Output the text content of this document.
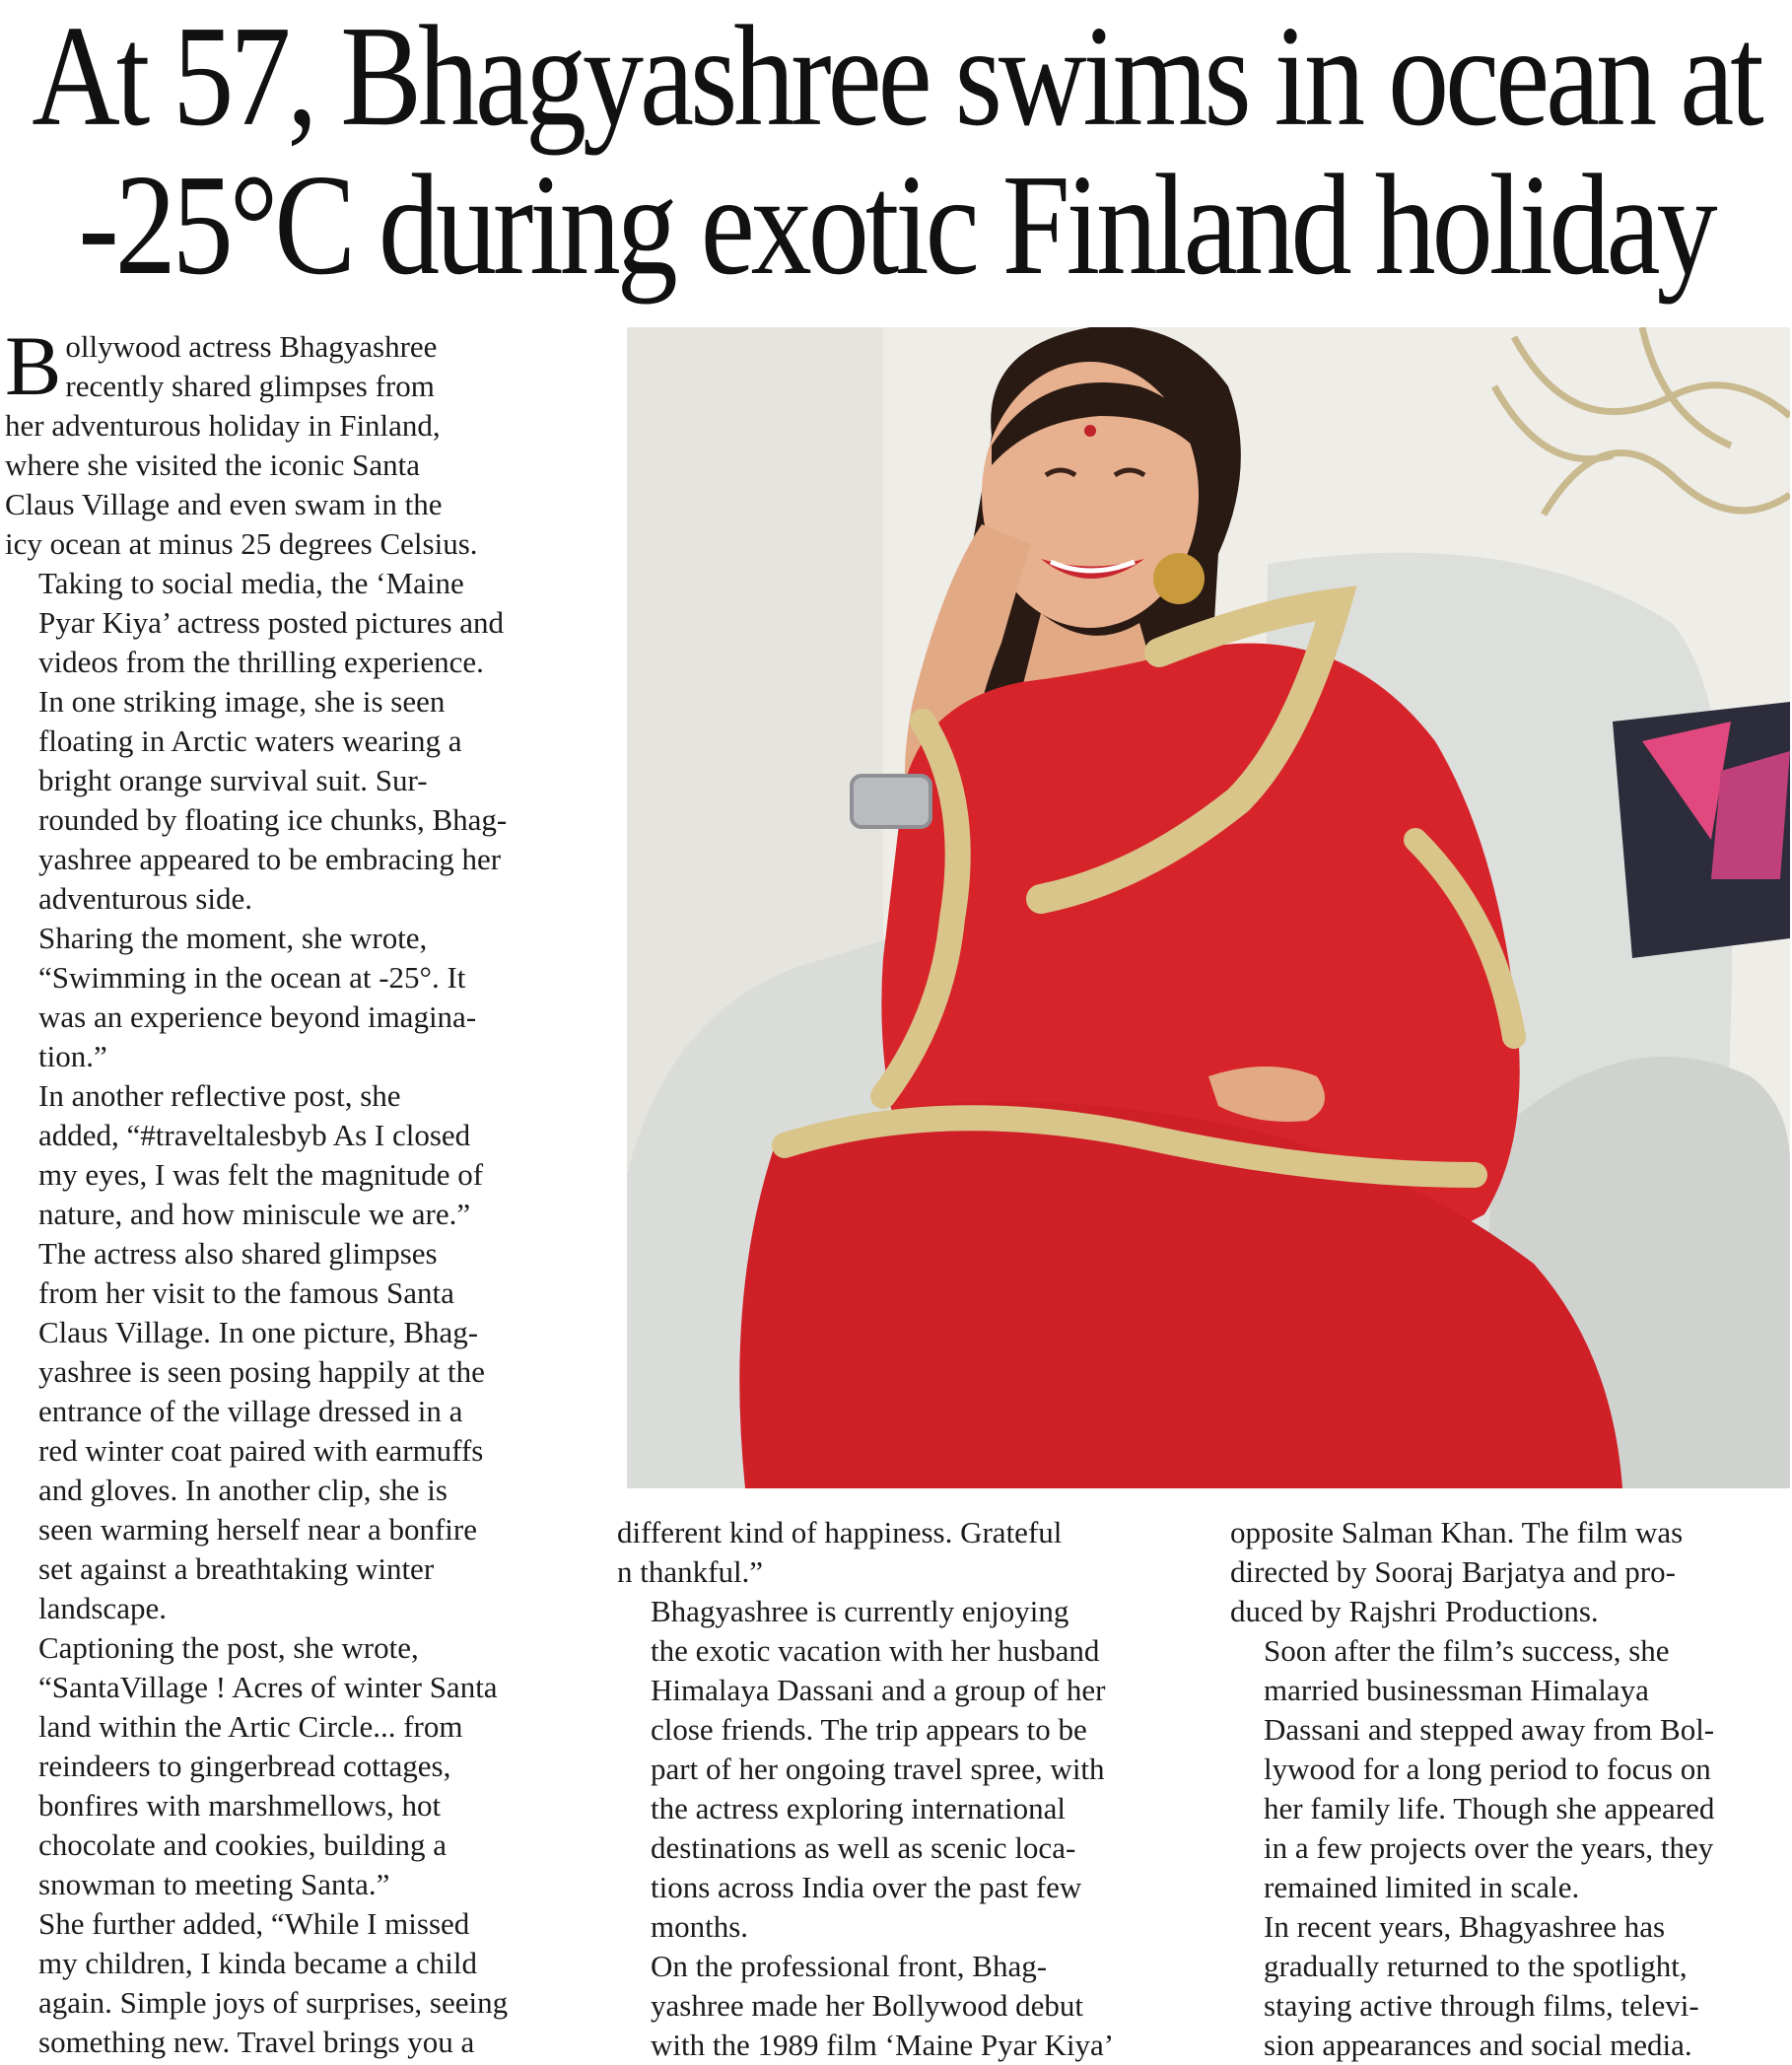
At 57, Bhagyashree swims in ocean at
-25°C during exotic Finland holiday

B ollywood actress Bhagyashree
recently shared glimpses from
her adventurous holiday in Finland,
where she visited the iconic Santa
Claus Village and even swam in the
icy ocean at minus 25 degrees Celsius.

Taking to social media, the ‘Maine
Pyar Kiya’ actress posted pictures and
videos from the thrilling experience.
In one striking image, she is seen
floating in Arctic waters wearing a
bright orange survival suit. Sur-
rounded by floating ice chunks, Bhag-
yashree appeared to be embracing her
adventurous side.

Sharing the moment, she wrote,
“Swimming in the ocean at -25°. It
was an experience beyond imagina-
tion.”

In another reflective post, she
added, “#traveltalesbyb As I closed
my eyes, I was felt the magnitude of
nature, and how miniscule we are.”

The actress also shared glimpses
from her visit to the famous Santa
Claus Village. In one picture, Bhag-
yashree is seen posing happily at the
entrance of the village dressed in a
red winter coat paired with earmuffs
and gloves. In another clip, she is
seen warming herself near a bonfire
set against a breathtaking winter
landscape.

Captioning the post, she wrote,
“SantaVillage ! Acres of winter Santa
land within the Artic Circle... from
reindeers to gingerbread cottages,
bonfires with marshmellows, hot
chocolate and cookies, building a
snowman to meeting Santa.”

She further added, “While I missed
my children, I kinda became a child
again. Simple joys of surprises, seeing
something new. Travel brings you a

different kind of happiness. Grateful
n thankful.”

Bhagyashree is currently enjoying
the exotic vacation with her husband
Himalaya Dassani and a group of her
close friends. The trip appears to be
part of her ongoing travel spree, with
the actress exploring international
destinations as well as scenic loca-
tions across India over the past few
months.

On the professional front, Bhag-
yashree made her Bollywood debut
with the 1989 film ‘Maine Pyar Kiya’

opposite Salman Khan. The film was
directed by Sooraj Barjatya and pro-
duced by Rajshri Productions.

Soon after the film’s success, she
married businessman Himalaya
Dassani and stepped away from Bol-
lywood for a long period to focus on
her family life. Though she appeared
in a few projects over the years, they
remained limited in scale.

In recent years, Bhagyashree has
gradually returned to the spotlight,
staying active through films, televi-
sion appearances and social media.
